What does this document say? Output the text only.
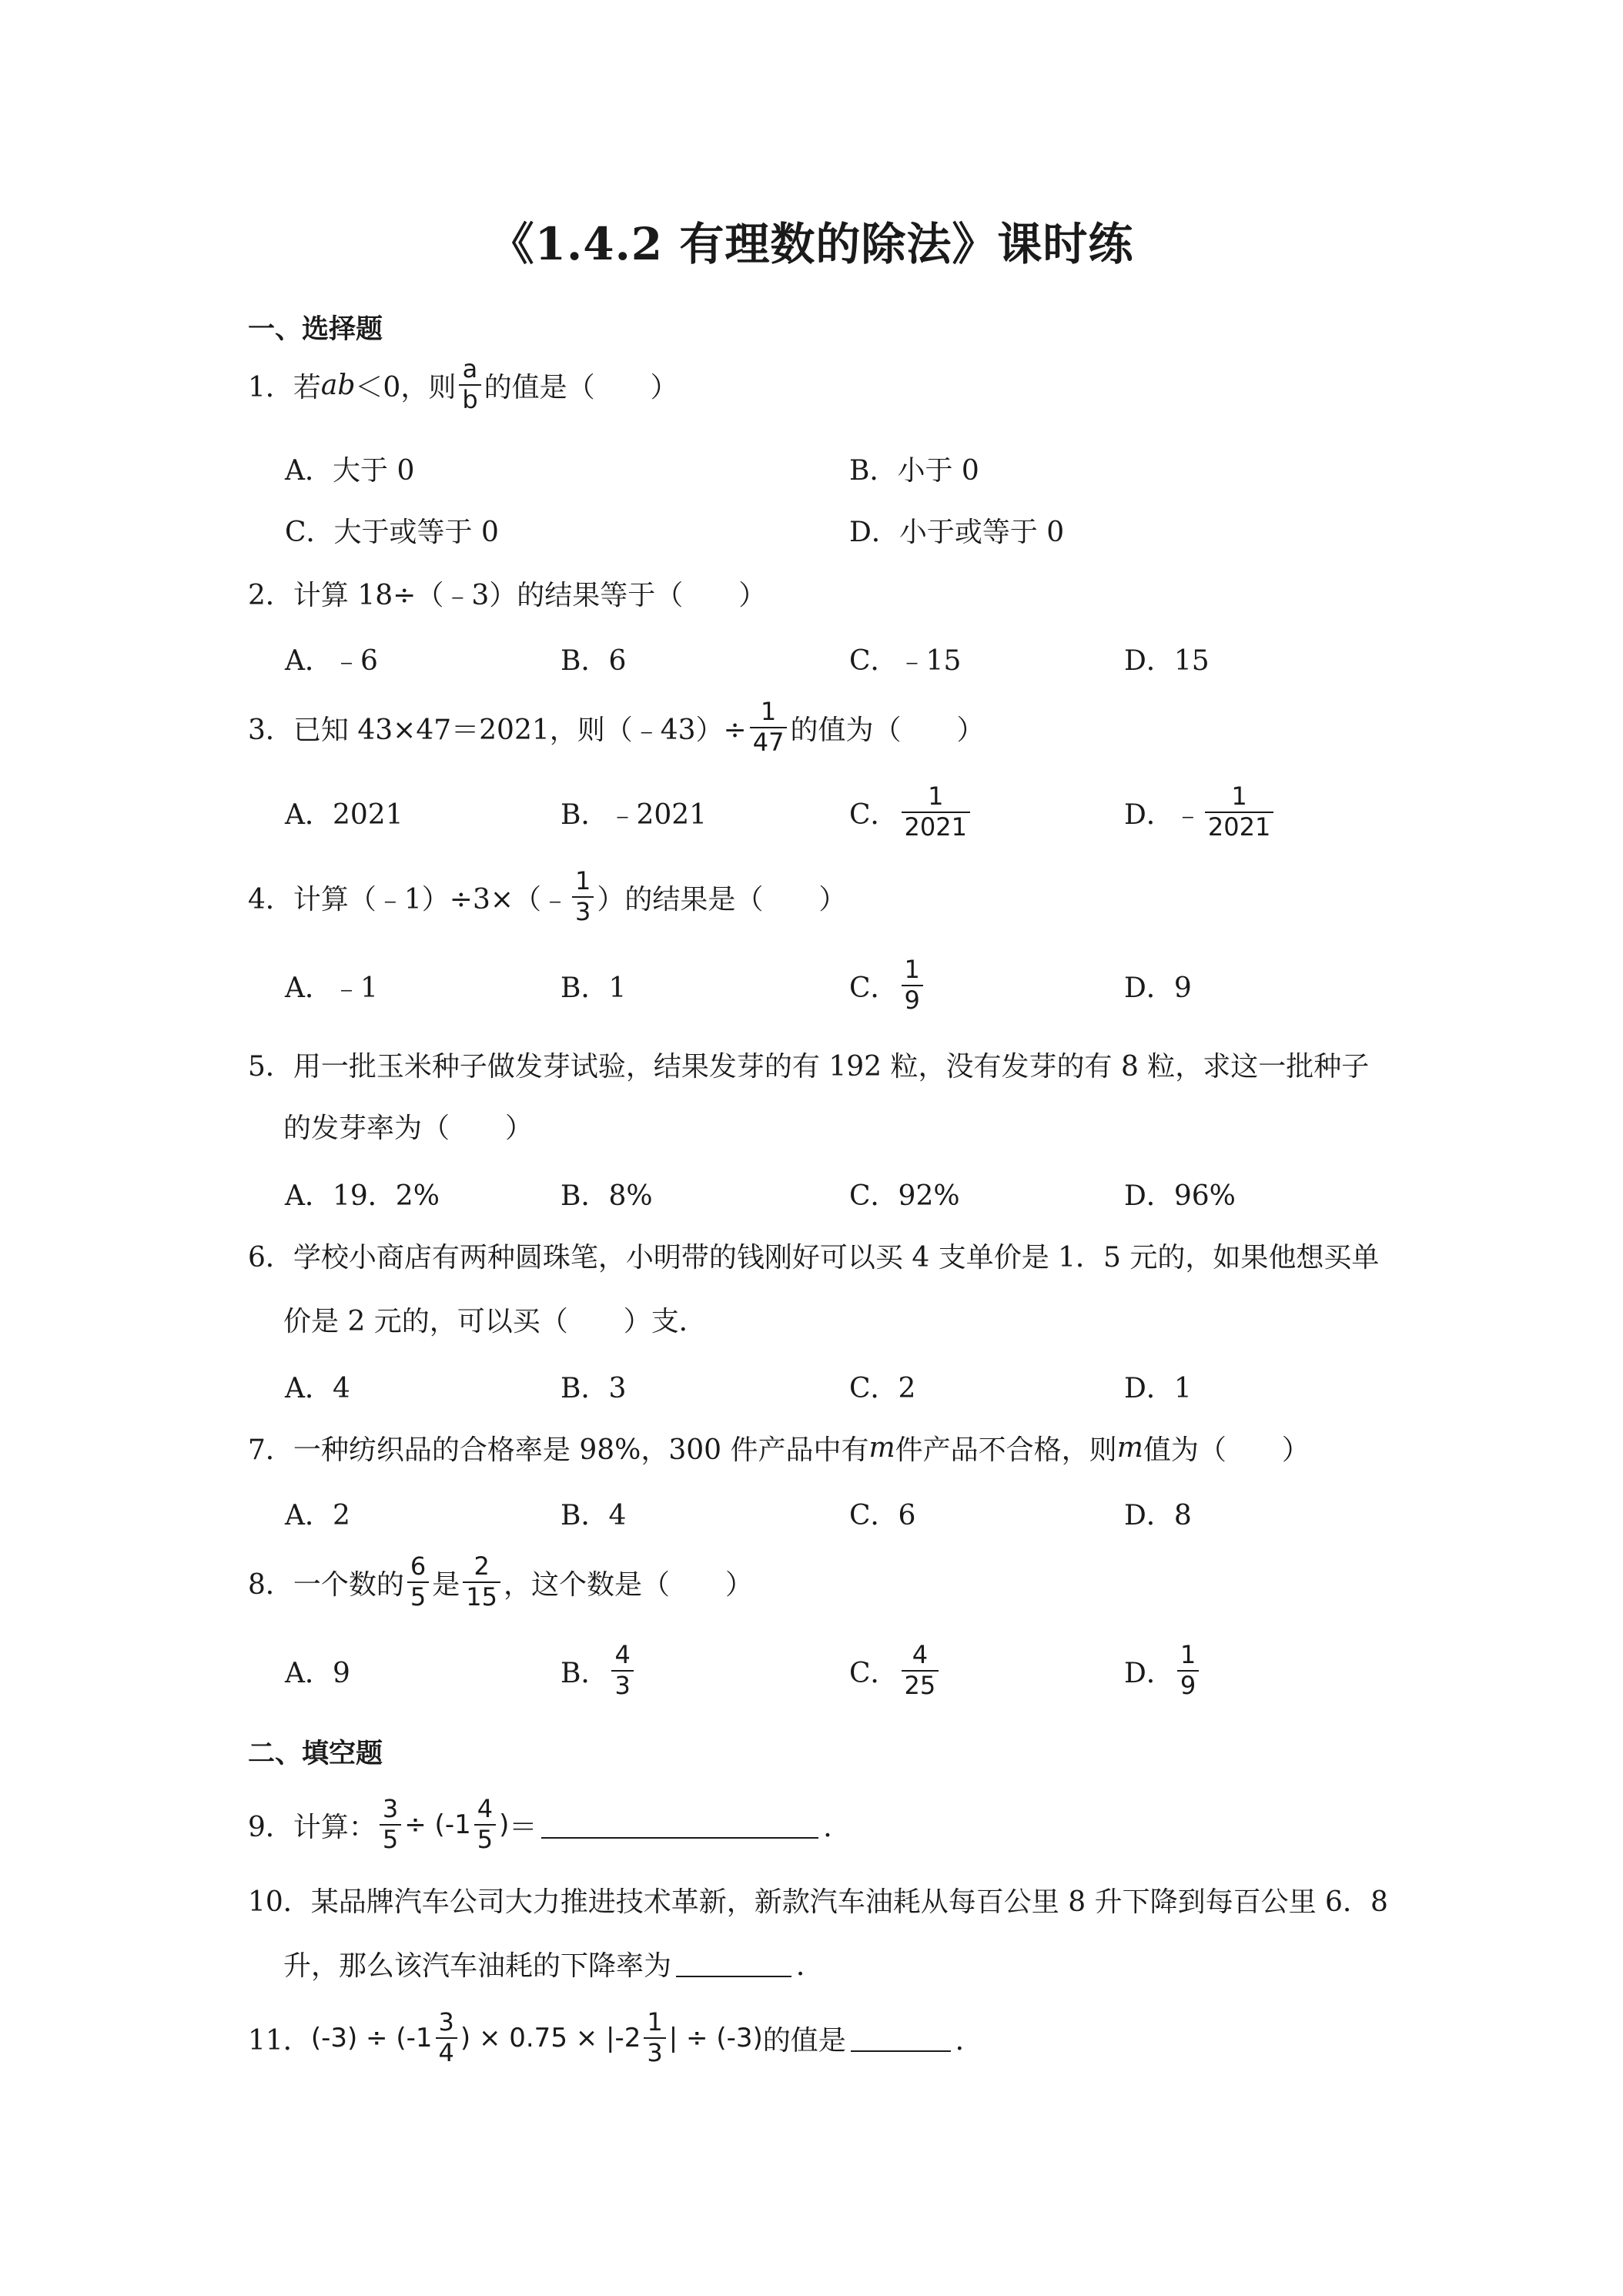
《1.4.2 有理数的除法》课时练
一、选择题
1．若 ab ＜0，则 $\frac{a}{b}$ 的值是（　　）
A．大于 0	B．小于 0
C．大于或等于 0	D．小于或等于 0
2．计算 18÷（﹣3）的结果等于（　　）
A．﹣6	B．6	C．﹣15	D．15
3．已知 43×47＝2021，则（﹣43）÷ $\frac{1}{47}$ 的值为（　　）
A．2021	B．﹣2021	C． $\frac{1}{2021}$	D． ﹣ $\frac{1}{2021}$
4．计算（﹣1）÷3×（﹣ $\frac{1}{3}$ ）的结果是（　　）
A．﹣1	B．1	C． $\frac{1}{9}$	D．9
5．用一批玉米种子做发芽试验，结果发芽的有 192 粒，没有发芽的有 8 粒，求这一批种子
的发芽率为（　　）
A．19．2%	B．8%	C．92%	D．96%
6．学校小商店有两种圆珠笔，小明带的钱刚好可以买 4 支单价是 1．5 元的，如果他想买单
价是 2 元的，可以买（　　）支．
A．4	B．3	C．2	D．1
7．一种纺织品的合格率是 98%，300 件产品中有 m 件产品不合格，则 m 值为（　　）
A．2	B．4	C．6	D．8
8．一个数的 $\frac{6}{5}$ 是 $\frac{2}{15}$ ，这个数是（　　）
A．9	B． $\frac{4}{3}$	C． $\frac{4}{25}$	D． $\frac{1}{9}$
二、填空题
9．计算： $\frac{3}{5} \div (-1 \frac{4}{5}$ ) ＝	．
10．某品牌汽车公司大力推进技术革新，新款汽车油耗从每百公里 8 升下降到每百公里 6．8
升，那么该汽车油耗的下降率为	．
11． $(-3) \div (-1 \frac{3}{4}$ ) × $0.75 \times |-2 \frac{1}{3}$ | ÷ (-3) 的值是	．
